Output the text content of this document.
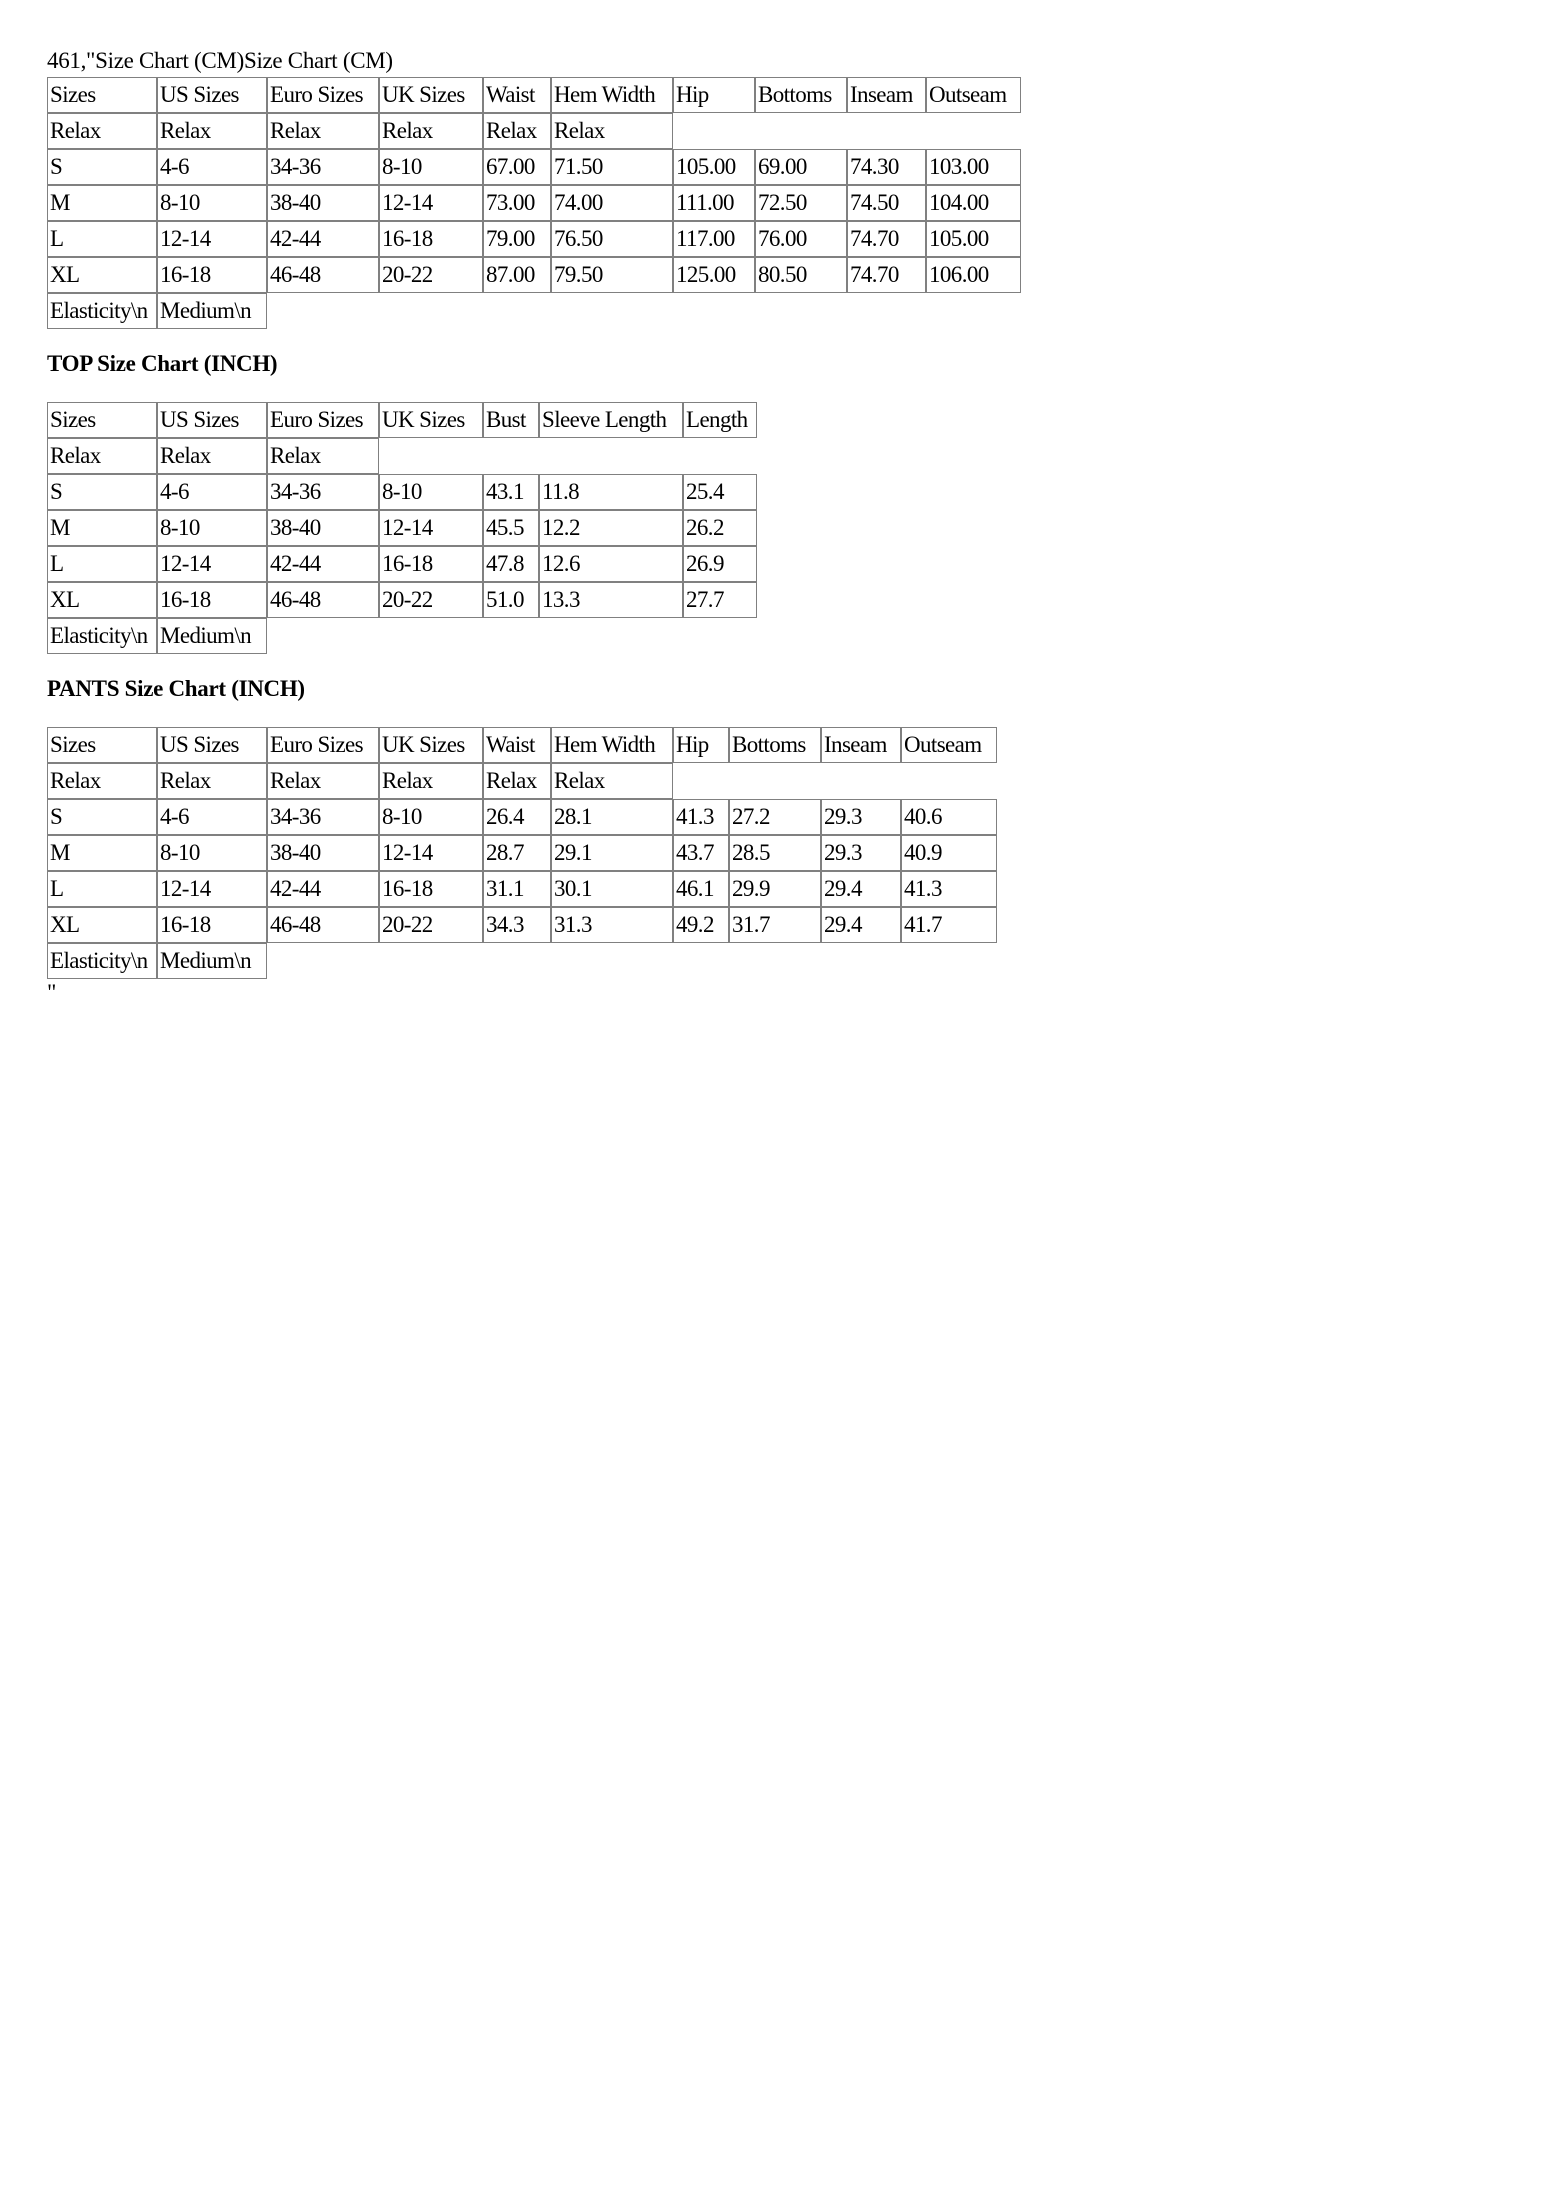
461,"Size Chart (CM)Size Chart (CM)
Sizes	US Sizes	Euro Sizes	UK Sizes	Waist	Hem Width	Hip	Bottoms	Inseam	Outseam
Relax	Relax	Relax	Relax	Relax	Relax				
S	4-6	34-36	8-10	67.00	71.50	105.00	69.00	74.30	103.00
M	8-10	38-40	12-14	73.00	74.00	111.00	72.50	74.50	104.00
L	12-14	42-44	16-18	79.00	76.50	117.00	76.00	74.70	105.00
XL	16-18	46-48	20-22	87.00	79.50	125.00	80.50	74.70	106.00
Elasticity\n	Medium\n								
TOP Size Chart (INCH)
Sizes	US Sizes	Euro Sizes	UK Sizes	Bust	Sleeve Length	Length
Relax	Relax	Relax				
S	4-6	34-36	8-10	43.1	11.8	25.4
M	8-10	38-40	12-14	45.5	12.2	26.2
L	12-14	42-44	16-18	47.8	12.6	26.9
XL	16-18	46-48	20-22	51.0	13.3	27.7
Elasticity\n	Medium\n					
PANTS Size Chart (INCH)
Sizes	US Sizes	Euro Sizes	UK Sizes	Waist	Hem Width	Hip	Bottoms	Inseam	Outseam
Relax	Relax	Relax	Relax	Relax	Relax				
S	4-6	34-36	8-10	26.4	28.1	41.3	27.2	29.3	40.6
M	8-10	38-40	12-14	28.7	29.1	43.7	28.5	29.3	40.9
L	12-14	42-44	16-18	31.1	30.1	46.1	29.9	29.4	41.3
XL	16-18	46-48	20-22	34.3	31.3	49.2	31.7	29.4	41.7
Elasticity\n	Medium\n								
"
